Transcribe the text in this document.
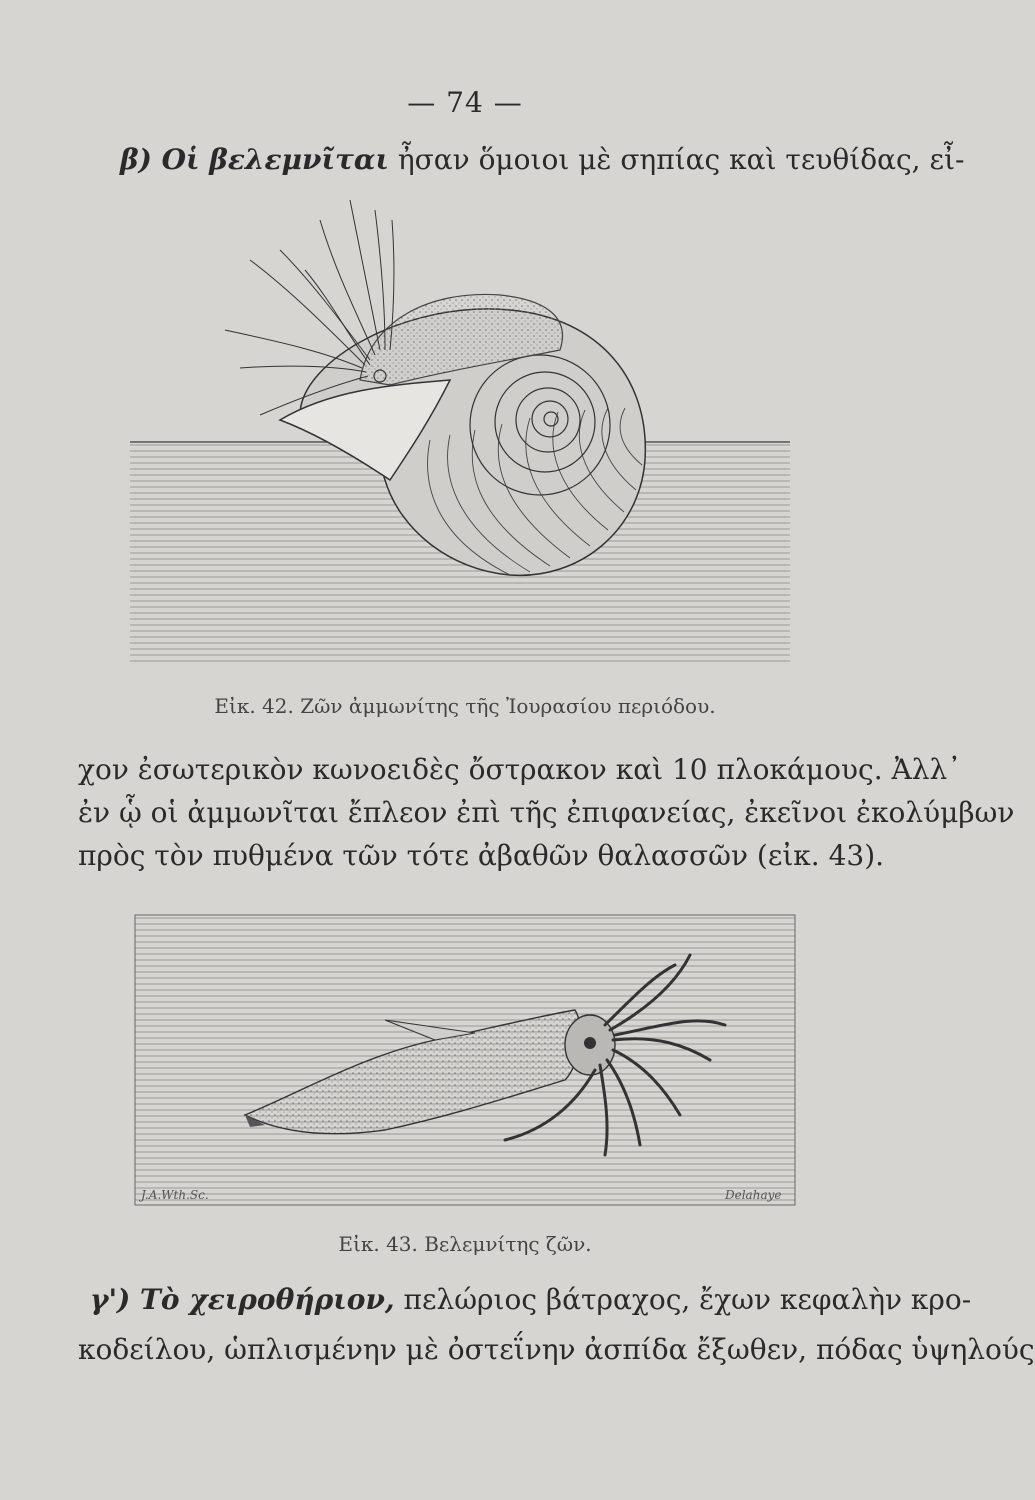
— 74 —
β) Οἱ βελεμνῖται ἦσαν ὅμοιοι μὲ σηπίας καὶ τευθίδας, εἶ-
Εἰκ. 42. Ζῶν ἀμμωνίτης τῆς Ἰουρασίου περιόδου.
χον ἐσωτερικὸν κωνοειδὲς ὄστρακον καὶ 10 πλοκάμους. Ἀλλ᾽
ἐν ᾧ οἱ ἀμμωνῖται ἔπλεον ἐπὶ τῆς ἐπιφανείας, ἐκεῖνοι ἐκολύμβων
πρὸς τὸν πυθμένα τῶν τότε ἀβαθῶν θαλασσῶν (εἰκ. 43).
J.A.Wth.Sc.	Delahaye
Εἰκ. 43. Βελεμνίτης ζῶν.
γ') Τὸ χειροθήριον, πελώριος βάτραχος, ἔχων κεφαλὴν κρο-
κοδείλου, ὡπλισμένην μὲ ὀστεΐνην ἀσπίδα ἔξωθεν, πόδας ὑψηλούς
